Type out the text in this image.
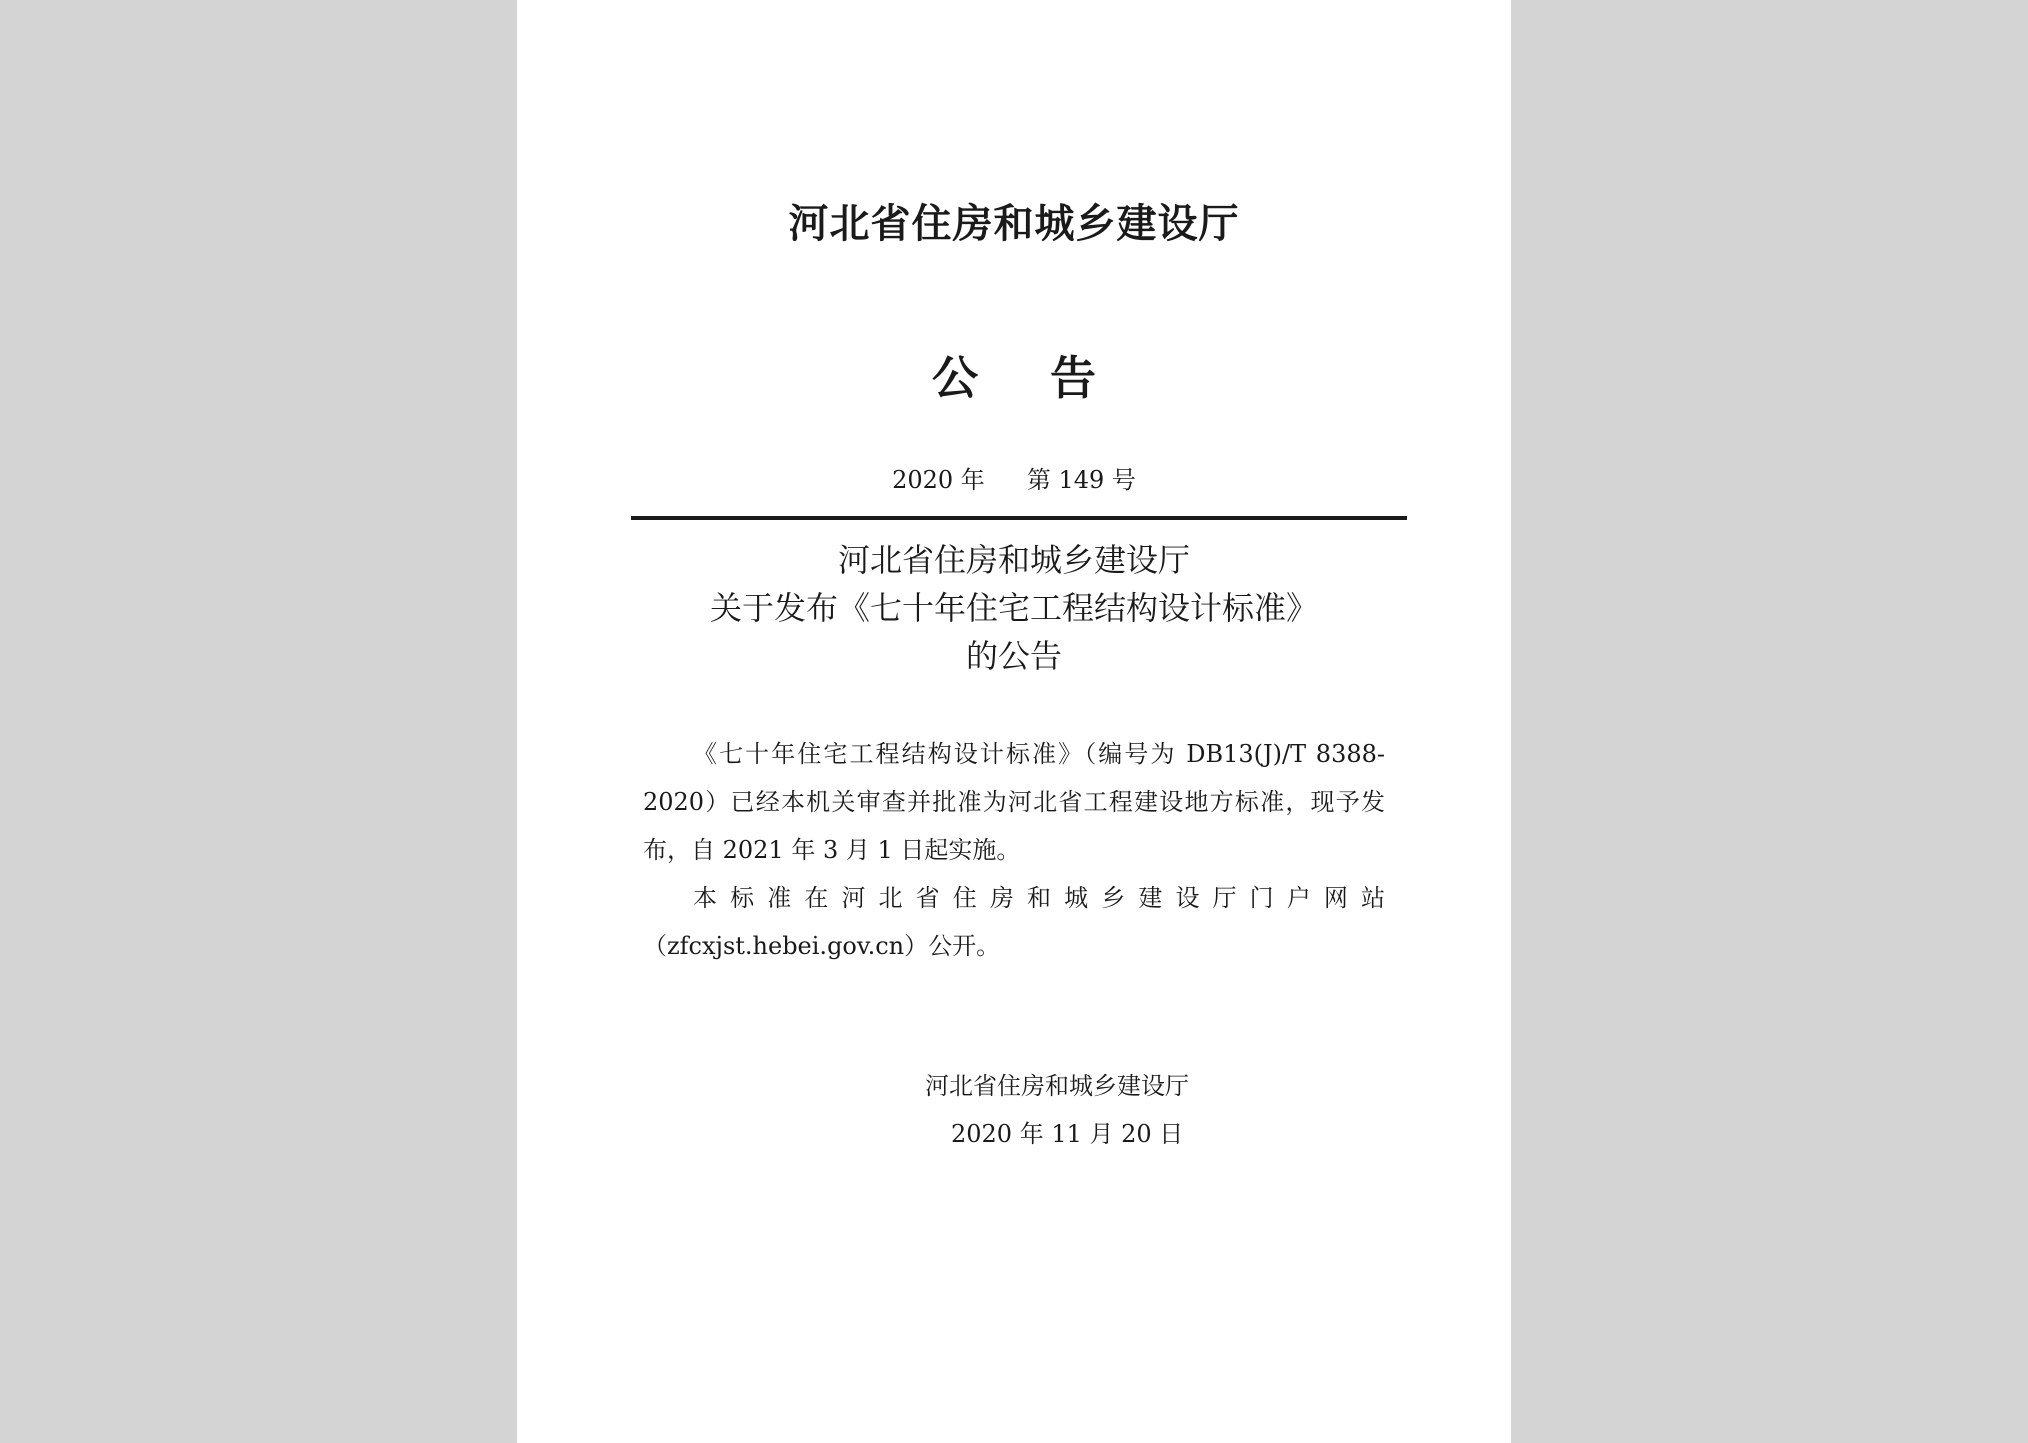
河北省住房和城乡建设厅
公 告
2020 年 第 149 号
河北省住房和城乡建设厅
关于发布《七十年住宅工程结构设计标准》
的公告

《七十年住宅工程结构设计标准》（编号为 DB13(J)/T 8388-2020）已经本机关审查并批准为河北省工程建设地方标准，现予发布，自 2021 年 3 月 1 日起实施。

本标准在河北省住房和城乡建设厅门户网站（zfcxjst.hebei.gov.cn）公开。

河北省住房和城乡建设厅
2020 年 11 月 20 日
